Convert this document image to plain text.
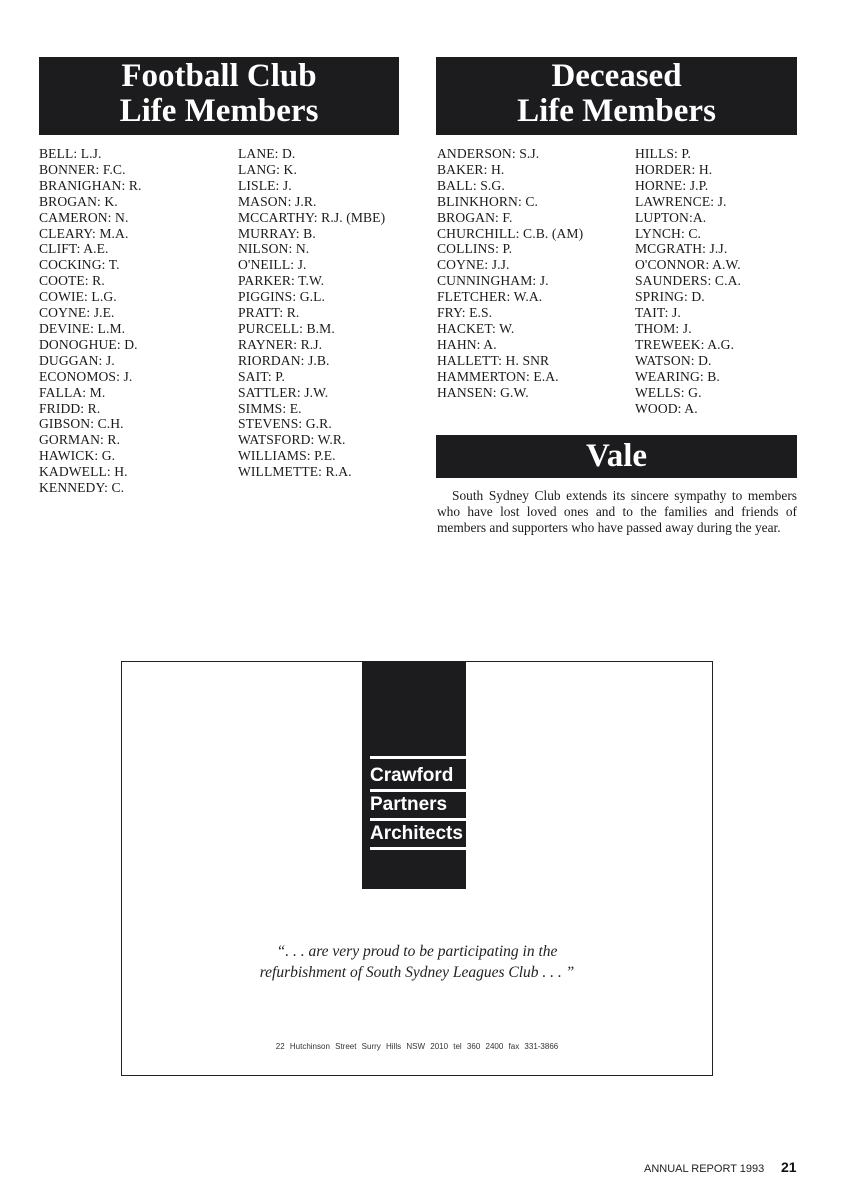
Football Club
Life Members
BELL: L.J.
BONNER: F.C.
BRANIGHAN: R.
BROGAN: K.
CAMERON: N.
CLEARY: M.A.
CLIFT: A.E.
COCKING: T.
COOTE: R.
COWIE: L.G.
COYNE: J.E.
DEVINE: L.M.
DONOGHUE: D.
DUGGAN: J.
ECONOMOS: J.
FALLA: M.
FRIDD: R.
GIBSON: C.H.
GORMAN: R.
HAWICK: G.
KADWELL: H.
KENNEDY: C.
LANE: D.
LANG: K.
LISLE: J.
MASON: J.R.
MCCARTHY: R.J. (MBE)
MURRAY: B.
NILSON: N.
O'NEILL: J.
PARKER: T.W.
PIGGINS: G.L.
PRATT: R.
PURCELL: B.M.
RAYNER: R.J.
RIORDAN: J.B.
SAIT: P.
SATTLER: J.W.
SIMMS: E.
STEVENS: G.R.
WATSFORD: W.R.
WILLIAMS: P.E.
WILLMETTE: R.A.
Deceased
Life Members
ANDERSON: S.J.
BAKER: H.
BALL: S.G.
BLINKHORN: C.
BROGAN: F.
CHURCHILL: C.B. (AM)
COLLINS: P.
COYNE: J.J.
CUNNINGHAM: J.
FLETCHER: W.A.
FRY: E.S.
HACKET: W.
HAHN: A.
HALLETT: H. SNR
HAMMERTON: E.A.
HANSEN: G.W.
HILLS: P.
HORDER: H.
HORNE: J.P.
LAWRENCE: J.
LUPTON:A.
LYNCH: C.
MCGRATH: J.J.
O'CONNOR: A.W.
SAUNDERS: C.A.
SPRING: D.
TAIT: J.
THOM: J.
TREWEEK: A.G.
WATSON: D.
WEARING: B.
WELLS: G.
WOOD: A.
Vale
South Sydney Club extends its sincere sympathy to members who have lost loved ones and to the families and friends of members and supporters who have passed away during the year.
Crawford
Partners
Architects
“. . . are very proud to be participating in the
refurbishment of South Sydney Leagues Club . . . ”
22 Hutchinson Street Surry Hills NSW 2010 tel 360 2400 fax 331-3866
ANNUAL REPORT 1993 21
